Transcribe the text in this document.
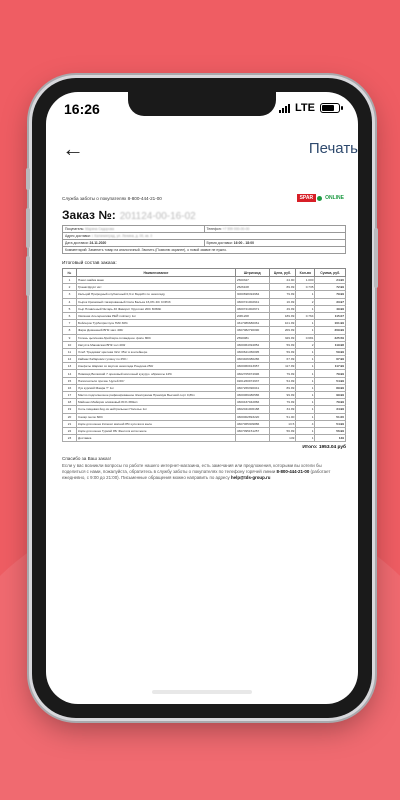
16:26	LTE
←	Печать
Служба заботы о покупателях 8-800-444-21-00	SPAR	ONLINE
Заказ №: 201124-00-16-02
Покупатель: Марина Сидорова	Телефон: +7 999 000-00-00
Адрес доставки: г. Калининград, ул. Ленина, д. 00, кв. 0	
Дата доставки: 24.11.2020	Время доставки: 16:00 - 18:00
Комментарий: Заменить товар на аналогичный. Звонить (Позвоню заранее), о новой заявке не нужно.	
Итоговый состав заказа:
№	Наименование	Штрихкод	Цена, руб.	Кол-во	Сумма, руб.
1	Пакет-майка маек	2500327	24.90	1.000	24.90
2	Гранатфрукт кит	2526108	89.99	0.735	72.99
3	Кальций Природный клубничный 0,9 кг Бадибл по шоколаду	3000698494984	79.99	1	79.99
4	Сырок Кремовый глазированный Сила Бальза 16,0% 40г СОЮЗ	4600721002641	16.99	2	33.97
5	Сыр Плавленый Янтарь 40 Фаворит брусочки 200г БЗМЖ	4600721002671	49.99	1	49.99
6	Овсяная Альтернатива РЕЙ molinery 1кг	2081208	189.99	0.764	115.07
7	Бойлерок Турбоприслуга ГМК 30%	4617086680061	101.99	1	101.99
8	Фарш Домашний ВНК заго 400г	4607082790090	209.99	1	209.99
9	Голень цыпленка-бройлера охлажденн. филе 800г	2590081	329.99	0.681	225.59
10	Капуста Маковская ВНК хол 400г	4600064394852	59.99	2	119.98
11	Хлеб 'Гредовая' цветная 32зт 35зт в контейнере	4600621450095	59.99	1	59.99
12	Каймак Хабаровск гуляшу по 250 г	4603406380286	67.99	1	67.99
13	Конфеты Шарики со вкусом шоколада Рондина 250г	4600060913957	117.99	1	117.99
14	Пивовид Волжский 7 ореховый молочный кукуруз. абрикосы 125г	4602705974996	79.99	1	79.99
15	Наполнители прочие 'Цулей 60г'	0201260974937	54.99	1	54.99
16	Лук курский Маара 'Г' 1кг	4607266390041	89.99	1	89.99
17	Масло подсолнечное рафинированное Жемчужина Премиум Высший сорт 0,86л	4600069480586	99.99	1	99.99
18	Майонез Майорик оливковый 81% 380мл	4600437042866	79.99	1	79.99
19	Соль пищевая йод.из нейтральных Полесье 1кг	4602041006188	34.99	1	34.99
20	Сахар песок 600г	4600002893220	51.00	1	51.00
21	Корм для кошек Китекат мясной 85г кусочки в желе	4607065309886	13.5	4	54.99
22	Корм для кошек Гурмэй 95г Фэнтолк котик желе	4607095151257	56.99	1	56.99
23	Доставка		149	1	149
Итого: 1953.04 руб
Спасибо за Ваш заказ!
Если у вас возникли вопросы по работе нашего интернет-магазина, есть замечания или предложения, которыми вы хотели бы поделиться с нами, пожалуйста, обратитесь в службу заботы о покупателях по телефону горячей линии 8-800-444-21-00 (работает ежедневно, с 9:00 до 21:00). Письменные обращения можно направить по адресу help@tds-group.ru
